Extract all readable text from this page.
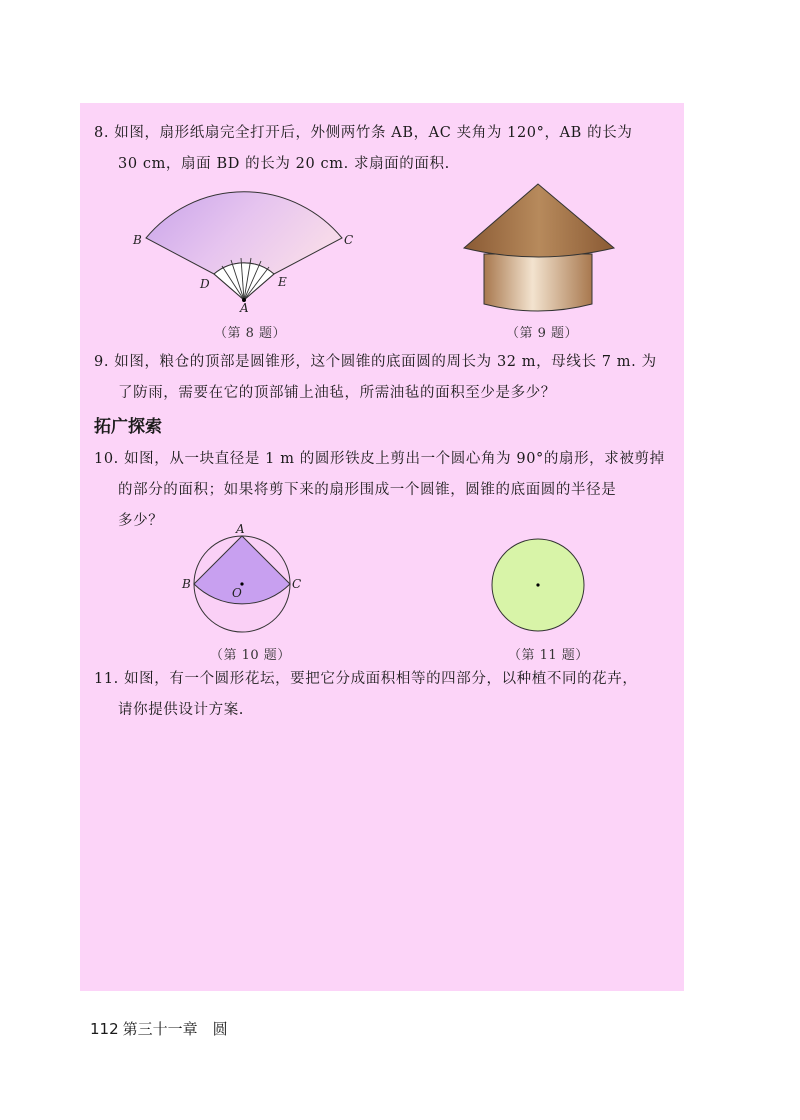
8. 如图，扇形纸扇完全打开后，外侧两竹条 AB，AC 夹角为 120°，AB 的长为
30 cm，扇面 BD 的长为 20 cm. 求扇面的面积.
B	C
D	E
A
（第 8 题）	（第 9 题）
9. 如图，粮仓的顶部是圆锥形，这个圆锥的底面圆的周长为 32 m，母线长 7 m. 为
了防雨，需要在它的顶部铺上油毡，所需油毡的面积至少是多少？
拓广探索
10. 如图，从一块直径是 1 m 的圆形铁皮上剪出一个圆心角为 90°的扇形，求被剪掉
的部分的面积；如果将剪下来的扇形围成一个圆锥，圆锥的底面圆的半径是
多少？	A
B	C
O
（第 10 题）	（第 11 题）
11. 如图，有一个圆形花坛，要把它分成面积相等的四部分，以种植不同的花卉，
请你提供设计方案.
112 第三十一章　圆
